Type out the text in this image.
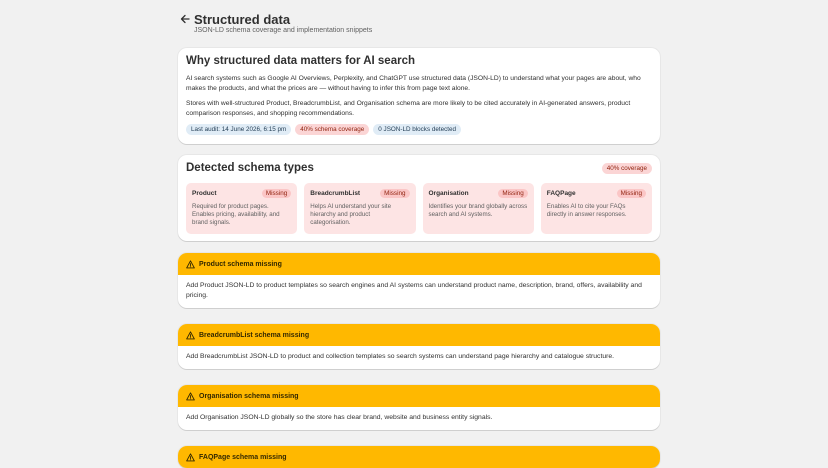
Structured data
JSON-LD schema coverage and implementation snippets
Why structured data matters for AI search

AI search systems such as Google AI Overviews, Perplexity, and ChatGPT use structured data (JSON-LD) to understand what your pages are about, who makes the products, and what the prices are — without having to infer this from page text alone.

Stores with well-structured Product, BreadcrumbList, and Organisation schema are more likely to be cited accurately in AI-generated answers, product comparison responses, and shopping recommendations.

Last audit: 14 June 2026, 6:15 pm	40% schema coverage	0 JSON-LD blocks detected
Detected schema types	40% coverage
Product	Missing
Required for product pages. Enables pricing, availability, and brand signals.
BreadcrumbList	Missing
Helps AI understand your site hierarchy and product categorisation.
Organisation	Missing
Identifies your brand globally across search and AI systems.
FAQPage	Missing
Enables AI to cite your FAQs directly in answer responses.
Product schema missing
Add Product JSON-LD to product templates so search engines and AI systems can understand product name, description, brand, offers, availability and pricing.
BreadcrumbList schema missing
Add BreadcrumbList JSON-LD to product and collection templates so search systems can understand page hierarchy and catalogue structure.
Organisation schema missing
Add Organisation JSON-LD globally so the store has clear brand, website and business entity signals.
FAQPage schema missing
